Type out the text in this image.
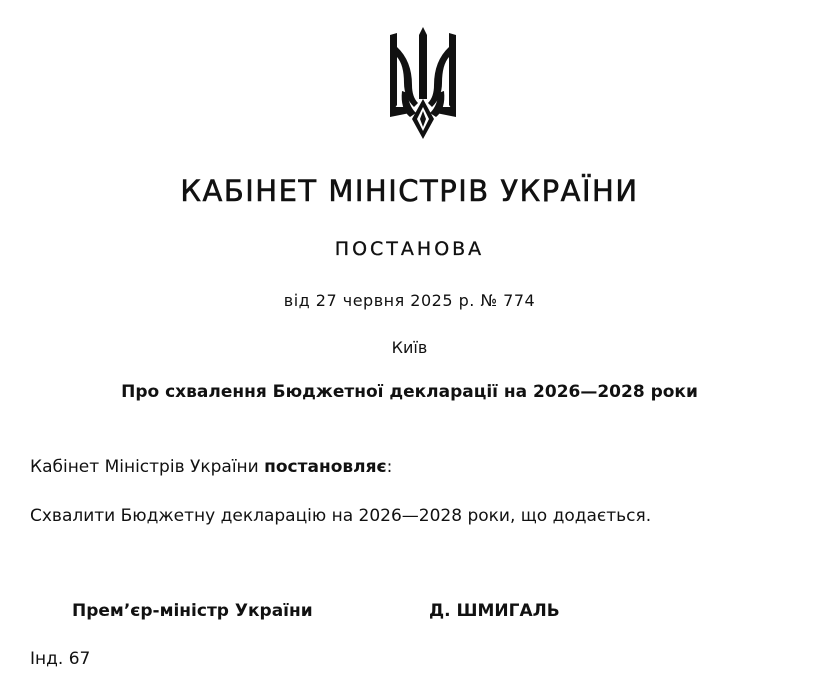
КАБІНЕТ МІНІСТРІВ УКРАЇНИ
ПОСТАНОВА
від 27 червня 2025 р. № 774
Київ
Про схвалення Бюджетної декларації на 2026—2028 роки
Кабінет Міністрів України постановляє:
Схвалити Бюджетну декларацію на 2026—2028 роки, що додається.
Прем’єр-міністр України	Д. ШМИГАЛЬ
Інд. 67
